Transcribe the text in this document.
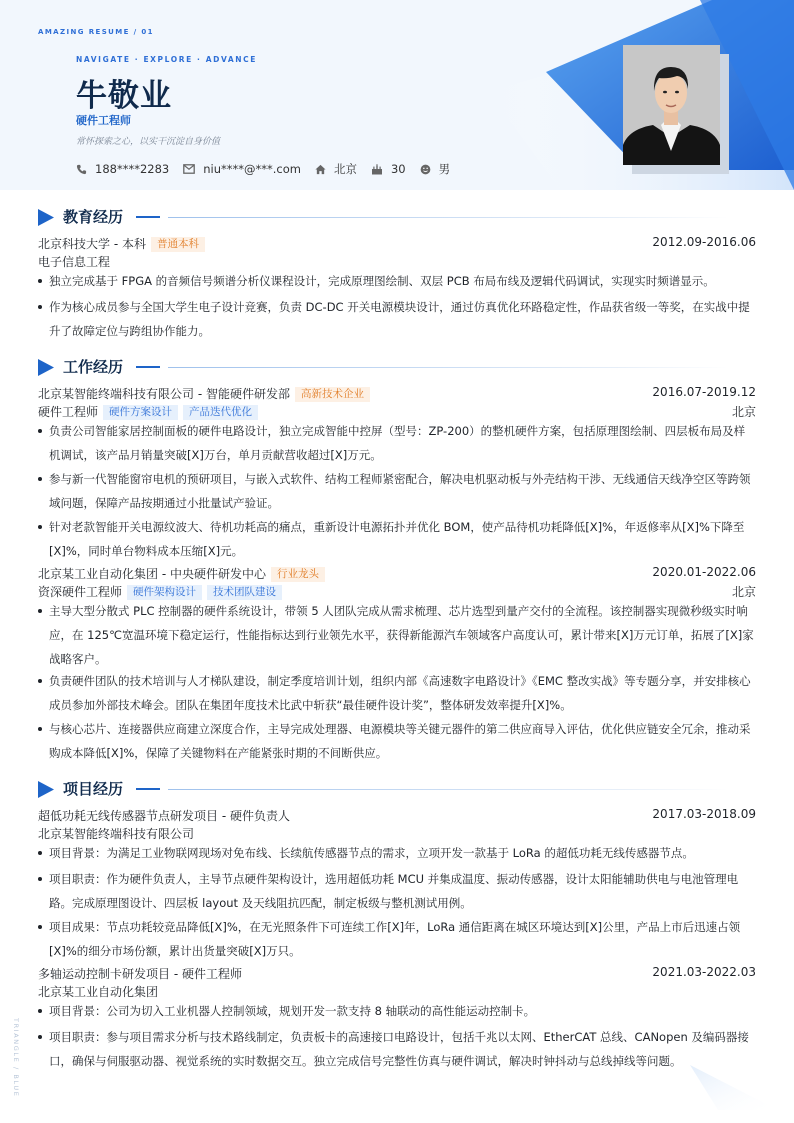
AMAZING RESUME / 01
NAVIGATE · EXPLORE · ADVANCE
牛敬业
硬件工程师
常怀探索之心，以实干沉淀自身价值
188****2283	niu****@***.com	北京	30	男
TRIANGLE / BLUE
教育经历
北京科技大学 - 本科 普通本科	2012.09-2016.06
电子信息工程
独立完成基于 FPGA 的音频信号频谱分析仪课程设计，完成原理图绘制、双层 PCB 布局布线及逻辑代码调试，实现实时频谱显示。
作为核心成员参与全国大学生电子设计竞赛，负责 DC-DC 开关电源模块设计，通过仿真优化环路稳定性，作品获省级一等奖，在实战中提升了故障定位与跨组协作能力。
工作经历
北京某智能终端科技有限公司 - 智能硬件研发部 高新技术企业	2016.07-2019.12
硬件工程师 硬件方案设计 产品迭代优化	北京
负责公司智能家居控制面板的硬件电路设计，独立完成智能中控屏（型号：ZP-200）的整机硬件方案，包括原理图绘制、四层板布局及样机调试，该产品月销量突破[X]万台，单月贡献营收超过[X]万元。
参与新一代智能窗帘电机的预研项目，与嵌入式软件、结构工程师紧密配合，解决电机驱动板与外壳结构干涉、无线通信天线净空区等跨领域问题，保障产品按期通过小批量试产验证。
针对老款智能开关电源纹波大、待机功耗高的痛点，重新设计电源拓扑并优化 BOM，使产品待机功耗降低[X]%，年返修率从[X]%下降至[X]%，同时单台物料成本压缩[X]元。
北京某工业自动化集团 - 中央硬件研发中心 行业龙头	2020.01-2022.06
资深硬件工程师 硬件架构设计 技术团队建设	北京
主导大型分散式 PLC 控制器的硬件系统设计，带领 5 人团队完成从需求梳理、芯片选型到量产交付的全流程。该控制器实现微秒级实时响应，在 125℃宽温环境下稳定运行，性能指标达到行业领先水平，获得新能源汽车领域客户高度认可，累计带来[X]万元订单，拓展了[X]家战略客户。
负责硬件团队的技术培训与人才梯队建设，制定季度培训计划，组织内部《高速数字电路设计》《EMC 整改实战》等专题分享，并安排核心成员参加外部技术峰会。团队在集团年度技术比武中斩获“最佳硬件设计奖”，整体研发效率提升[X]%。
与核心芯片、连接器供应商建立深度合作，主导完成处理器、电源模块等关键元器件的第二供应商导入评估，优化供应链安全冗余，推动采购成本降低[X]%，保障了关键物料在产能紧张时期的不间断供应。
项目经历
超低功耗无线传感器节点研发项目 - 硬件负责人	2017.03-2018.09
北京某智能终端科技有限公司
项目背景：为满足工业物联网现场对免布线、长续航传感器节点的需求，立项开发一款基于 LoRa 的超低功耗无线传感器节点。
项目职责：作为硬件负责人，主导节点硬件架构设计，选用超低功耗 MCU 并集成温度、振动传感器，设计太阳能辅助供电与电池管理电路。完成原理图设计、四层板 layout 及天线阻抗匹配，制定板级与整机测试用例。
项目成果：节点功耗较竞品降低[X]%，在无光照条件下可连续工作[X]年，LoRa 通信距离在城区环境达到[X]公里，产品上市后迅速占领[X]%的细分市场份额，累计出货量突破[X]万只。
多轴运动控制卡研发项目 - 硬件工程师	2021.03-2022.03
北京某工业自动化集团
项目背景：公司为切入工业机器人控制领域，规划开发一款支持 8 轴联动的高性能运动控制卡。
项目职责：参与项目需求分析与技术路线制定，负责板卡的高速接口电路设计，包括千兆以太网、EtherCAT 总线、CANopen 及编码器接口，确保与伺服驱动器、视觉系统的实时数据交互。独立完成信号完整性仿真与硬件调试，解决时钟抖动与总线掉线等问题。
